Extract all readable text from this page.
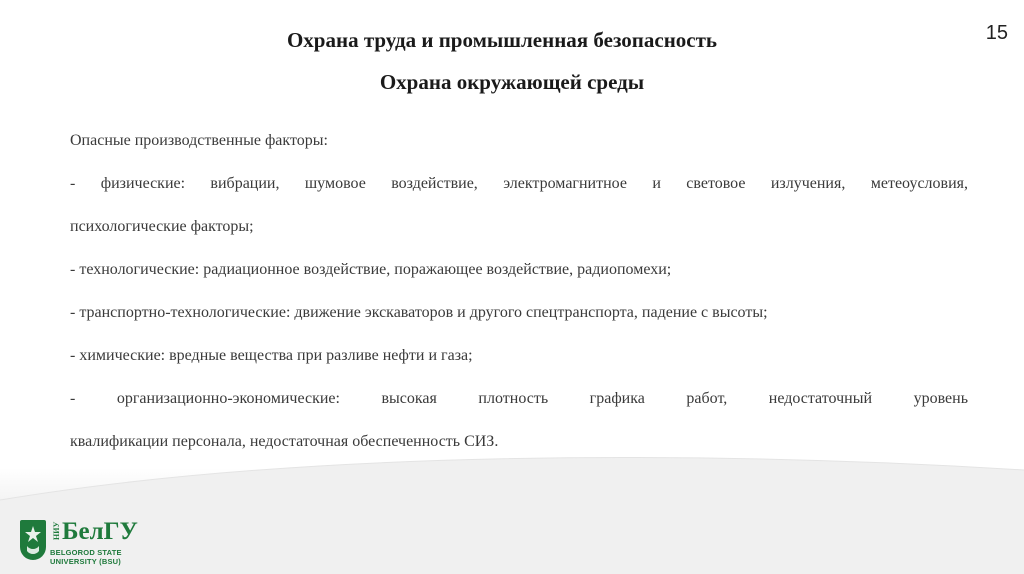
15
Охрана труда и промышленная безопасность
Охрана окружающей среды

Опасные производственные факторы:

- физические: вибрации, шумовое воздействие, электромагнитное и световое излучения, метеоусловия,

психологические факторы;

- технологические: радиационное воздействие, поражающее воздействие, радиопомехи;

- транспортно-технологические: движение экскаваторов и другого спецтранспорта, падение с высоты;

- химические: вредные вещества при разливе нефти и газа;

- организационно-экономические: высокая плотность графика работ, недостаточный уровень

квалификации персонала, недостаточная обеспеченность СИЗ.

НИУ БелГУ
BELGOROD STATE
UNIVERSITY (BSU)
